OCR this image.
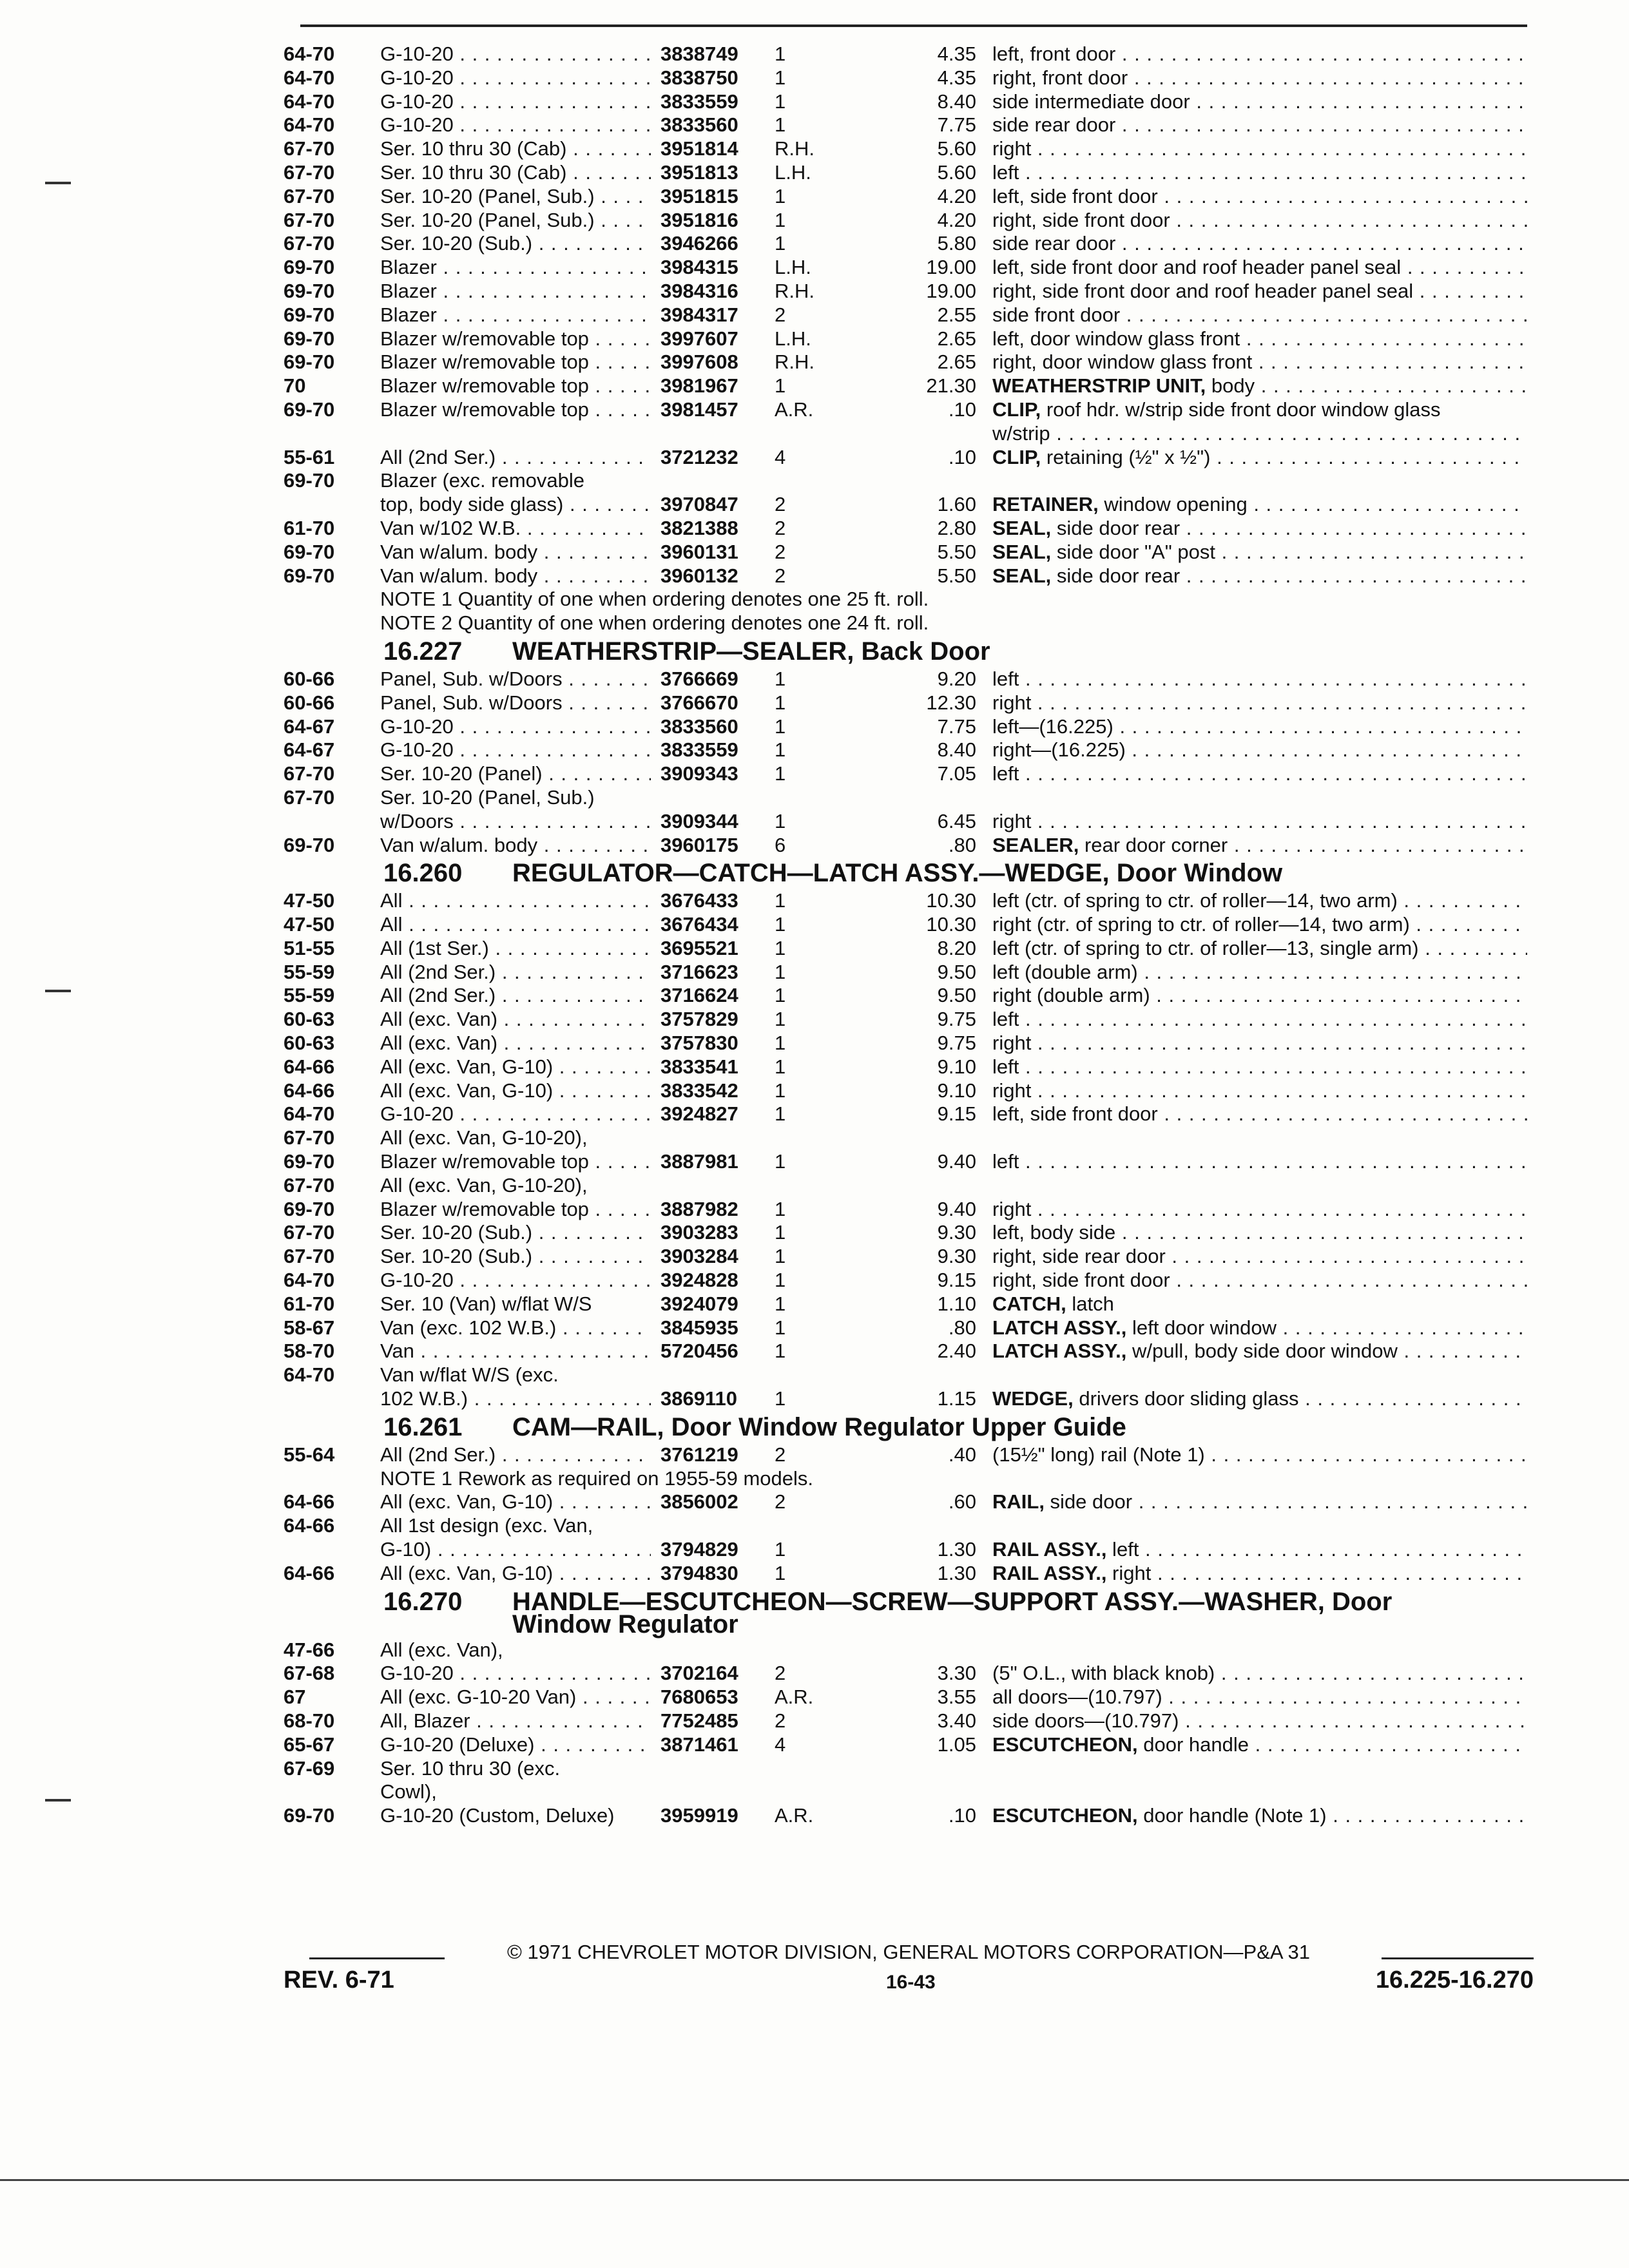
64-70	G-10-20 . . .	3838749	1	4.35 left, front door . . .
64-70	G-10-20 . . .	3838750	1	4.35 right, front door . . .
64-70	G-10-20 . . .	3833559	1	8.40 side intermediate door . . .
64-70	G-10-20 . . .	3833560	1	7.75 side rear door . . .
67-70	Ser. 10 thru 30 (Cab) . . .	3951814	R.H.	5.60 right . . .
67-70	Ser. 10 thru 30 (Cab) . . .	3951813	L.H.	5.60 left . . .
67-70	Ser. 10-20 (Panel, Sub.) . . .	3951815	1	4.20 left, side front door . . .
67-70	Ser. 10-20 (Panel, Sub.) . . .	3951816	1	4.20 right, side front door . . .
67-70	Ser. 10-20 (Sub.) . . .	3946266	1	5.80 side rear door . . .
69-70	Blazer . . .	3984315	L.H.	19.00 left, side front door and roof header panel seal . . .
69-70	Blazer . . .	3984316	R.H.	19.00 right, side front door and roof header panel seal . . .
69-70	Blazer . . .	3984317	2	2.55 side front door . . .
69-70	Blazer w/removable top . . .	3997607	L.H.	2.65 left, door window glass front . . .
69-70	Blazer w/removable top . . .	3997608	R.H.	2.65 right, door window glass front . . .
70	Blazer w/removable top . . .	3981967	1	21.30 WEATHERSTRIP UNIT, body . . .
69-70	Blazer w/removable top . . .	3981457	A.R.	.10 CLIP, roof hdr. w/strip side front door window glass
w/strip . . .
55-61	All (2nd Ser.) . . .	3721232	4	.10 CLIP, retaining (½" x ½") . . .
69-70	Blazer (exc. removable
top, body side glass) . . .	3970847	2	1.60 RETAINER, window opening . . .
61-70	Van w/102 W.B. . . .	3821388	2	2.80 SEAL, side door rear . . .
69-70	Van w/alum. body . . .	3960131	2	5.50 SEAL, side door "A" post . . .
69-70	Van w/alum. body . . .	3960132	2	5.50 SEAL, side door rear . . .
NOTE 1 Quantity of one when ordering denotes one 25 ft. roll.
NOTE 2 Quantity of one when ordering denotes one 24 ft. roll.
16.227 WEATHERSTRIP—SEALER, Back Door
60-66	Panel, Sub. w/Doors . . .	3766669	1	9.20 left . . .
60-66	Panel, Sub. w/Doors . . .	3766670	1	12.30 right . . .
64-67	G-10-20 . . .	3833560	1	7.75 left—(16.225) . . .
64-67	G-10-20 . . .	3833559	1	8.40 right—(16.225) . . .
67-70	Ser. 10-20 (Panel) . . .	3909343	1	7.05 left . . .
67-70	Ser. 10-20 (Panel, Sub.)
w/Doors . . .	3909344	1	6.45 right . . .
69-70	Van w/alum. body . . .	3960175	6	.80 SEALER, rear door corner . . .
16.260 REGULATOR—CATCH—LATCH ASSY.—WEDGE, Door Window
47-50	All . . .	3676433	1	10.30 left (ctr. of spring to ctr. of roller—14, two arm) . . .
47-50	All . . .	3676434	1	10.30 right (ctr. of spring to ctr. of roller—14, two arm) . . .
51-55	All (1st Ser.) . . .	3695521	1	8.20 left (ctr. of spring to ctr. of roller—13, single arm) . . .
55-59	All (2nd Ser.) . . .	3716623	1	9.50 left (double arm) . . .
55-59	All (2nd Ser.) . . .	3716624	1	9.50 right (double arm) . . .
60-63	All (exc. Van) . . .	3757829	1	9.75 left . . .
60-63	All (exc. Van) . . .	3757830	1	9.75 right . . .
64-66	All (exc. Van, G-10) . . .	3833541	1	9.10 left . . .
64-66	All (exc. Van, G-10) . . .	3833542	1	9.10 right . . .
64-70	G-10-20 . . .	3924827	1	9.15 left, side front door . . .
67-70	All (exc. Van, G-10-20),
69-70	Blazer w/removable top . . .	3887981	1	9.40 left . . .
67-70	All (exc. Van, G-10-20),
69-70	Blazer w/removable top . . .	3887982	1	9.40 right . . .
67-70	Ser. 10-20 (Sub.) . . .	3903283	1	9.30 left, body side . . .
67-70	Ser. 10-20 (Sub.) . . .	3903284	1	9.30 right, side rear door . . .
64-70	G-10-20 . . .	3924828	1	9.15 right, side front door . . .
61-70	Ser. 10 (Van) w/flat W/S	3924079	1	1.10 CATCH, latch
58-67	Van (exc. 102 W.B.) . . .	3845935	1	.80 LATCH ASSY., left door window . . .
58-70	Van . . .	5720456	1	2.40 LATCH ASSY., w/pull, body side door window . . .
64-70	Van w/flat W/S (exc.
102 W.B.) . . .	3869110	1	1.15 WEDGE, drivers door sliding glass . . .
16.261 CAM—RAIL, Door Window Regulator Upper Guide
55-64	All (2nd Ser.) . . .	3761219	2	.40 (15½" long) rail (Note 1) . . .
NOTE 1 Rework as required on 1955-59 models.
64-66	All (exc. Van, G-10) . . .	3856002	2	.60 RAIL, side door . . .
64-66	All 1st design (exc. Van,
G-10) . . .	3794829	1	1.30 RAIL ASSY., left . . .
64-66	All (exc. Van, G-10) . . .	3794830	1	1.30 RAIL ASSY., right . . .
16.270 HANDLE—ESCUTCHEON—SCREW—SUPPORT ASSY.—WASHER, Door
Window Regulator
47-66	All (exc. Van),
67-68	G-10-20 . . .	3702164	2	3.30 (5" O.L., with black knob) . . .
67	All (exc. G-10-20 Van) . . .	7680653	A.R.	3.55 all doors—(10.797) . . .
68-70	All, Blazer . . .	7752485	2	3.40 side doors—(10.797) . . .
65-67	G-10-20 (Deluxe) . . .	3871461	4	1.05 ESCUTCHEON, door handle . . .
67-69	Ser. 10 thru 30 (exc.
Cowl),
69-70	G-10-20 (Custom, Deluxe)	3959919	A.R.	.10 ESCUTCHEON, door handle (Note 1) . . .
© 1971 CHEVROLET MOTOR DIVISION, GENERAL MOTORS CORPORATION—P&A 31
REV. 6-71	16-43	16.225-16.270
